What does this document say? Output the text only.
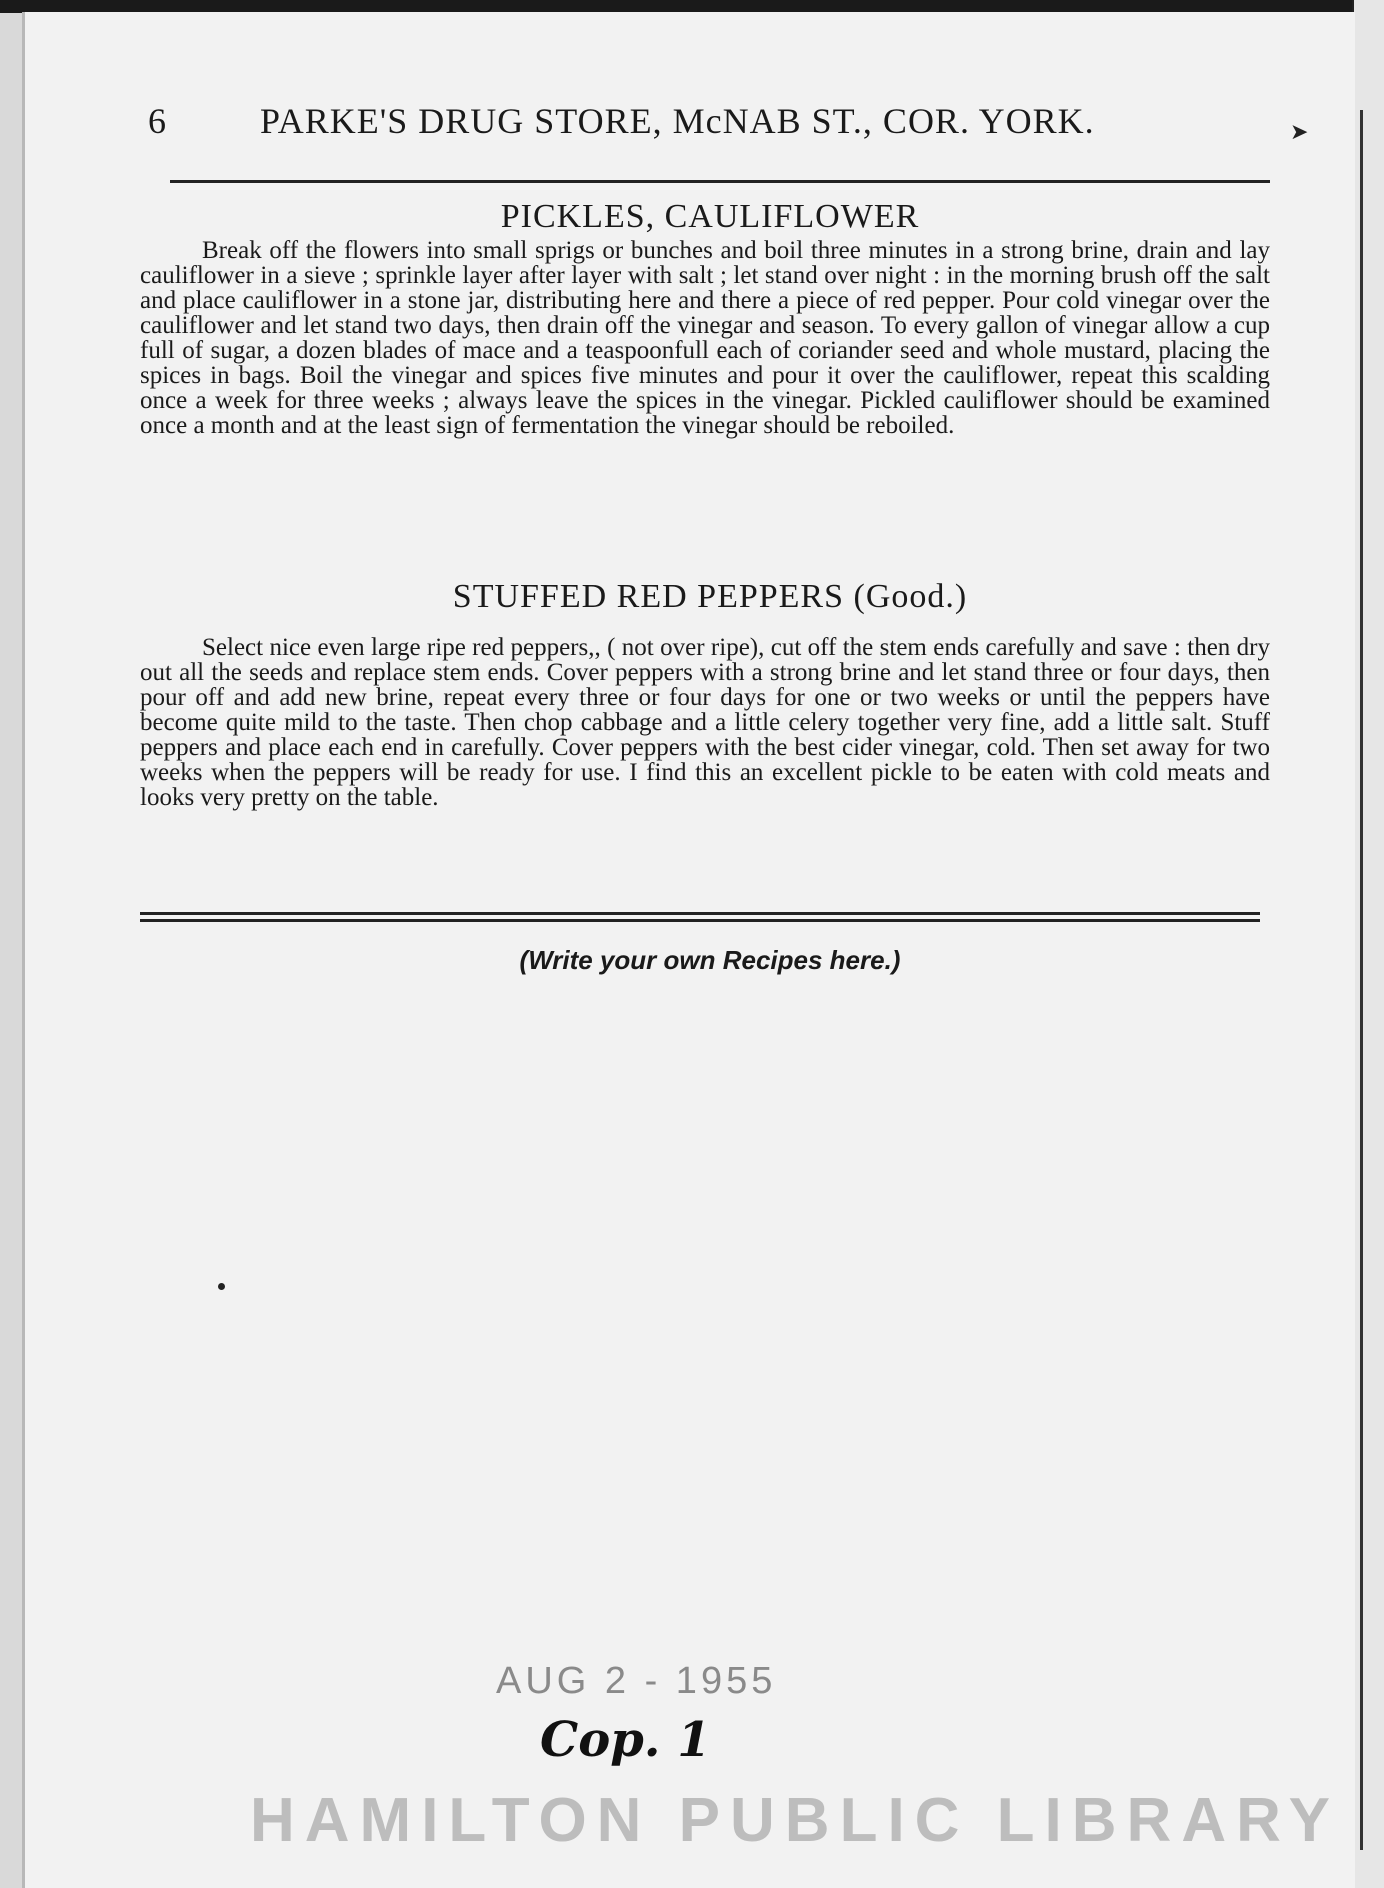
➤
6	PARKE'S DRUG STORE, McNAB ST., COR. YORK.
PICKLES, CAULIFLOWER

Break off the flowers into small sprigs or bunches and boil three minutes in a strong brine, drain and lay cauliflower in a sieve ; sprinkle layer after layer with salt ; let stand over night : in the morning brush off the salt and place cauliflower in a stone jar, distributing here and there a piece of red pepper. Pour cold vinegar over the cauliflower and let stand two days, then drain off the vinegar and season. To every gallon of vinegar allow a cup full of sugar, a dozen blades of mace and a teaspoonfull each of coriander seed and whole mustard, placing the spices in bags. Boil the vinegar and spices five minutes and pour it over the cauliflower, repeat this scalding once a week for three weeks ; always leave the spices in the vinegar. Pickled cauliflower should be examined once a month and at the least sign of fermentation the vinegar should be reboiled.

STUFFED RED PEPPERS (Good.)

Select nice even large ripe red peppers,, ( not over ripe), cut off the stem ends carefully and save : then dry out all the seeds and replace stem ends. Cover peppers with a strong brine and let stand three or four days, then pour off and add new brine, repeat every three or four days for one or two weeks or until the peppers have become quite mild to the taste. Then chop cabbage and a little celery together very fine, add a little salt. Stuff peppers and place each end in carefully. Cover peppers with the best cider vinegar, cold. Then set away for two weeks when the peppers will be ready for use. I find this an excellent pickle to be eaten with cold meats and looks very pretty on the table.

(Write your own Recipes here.)
AUG 2 - 1955
Cop. 1
HAMILTON PUBLIC LIBRARY
